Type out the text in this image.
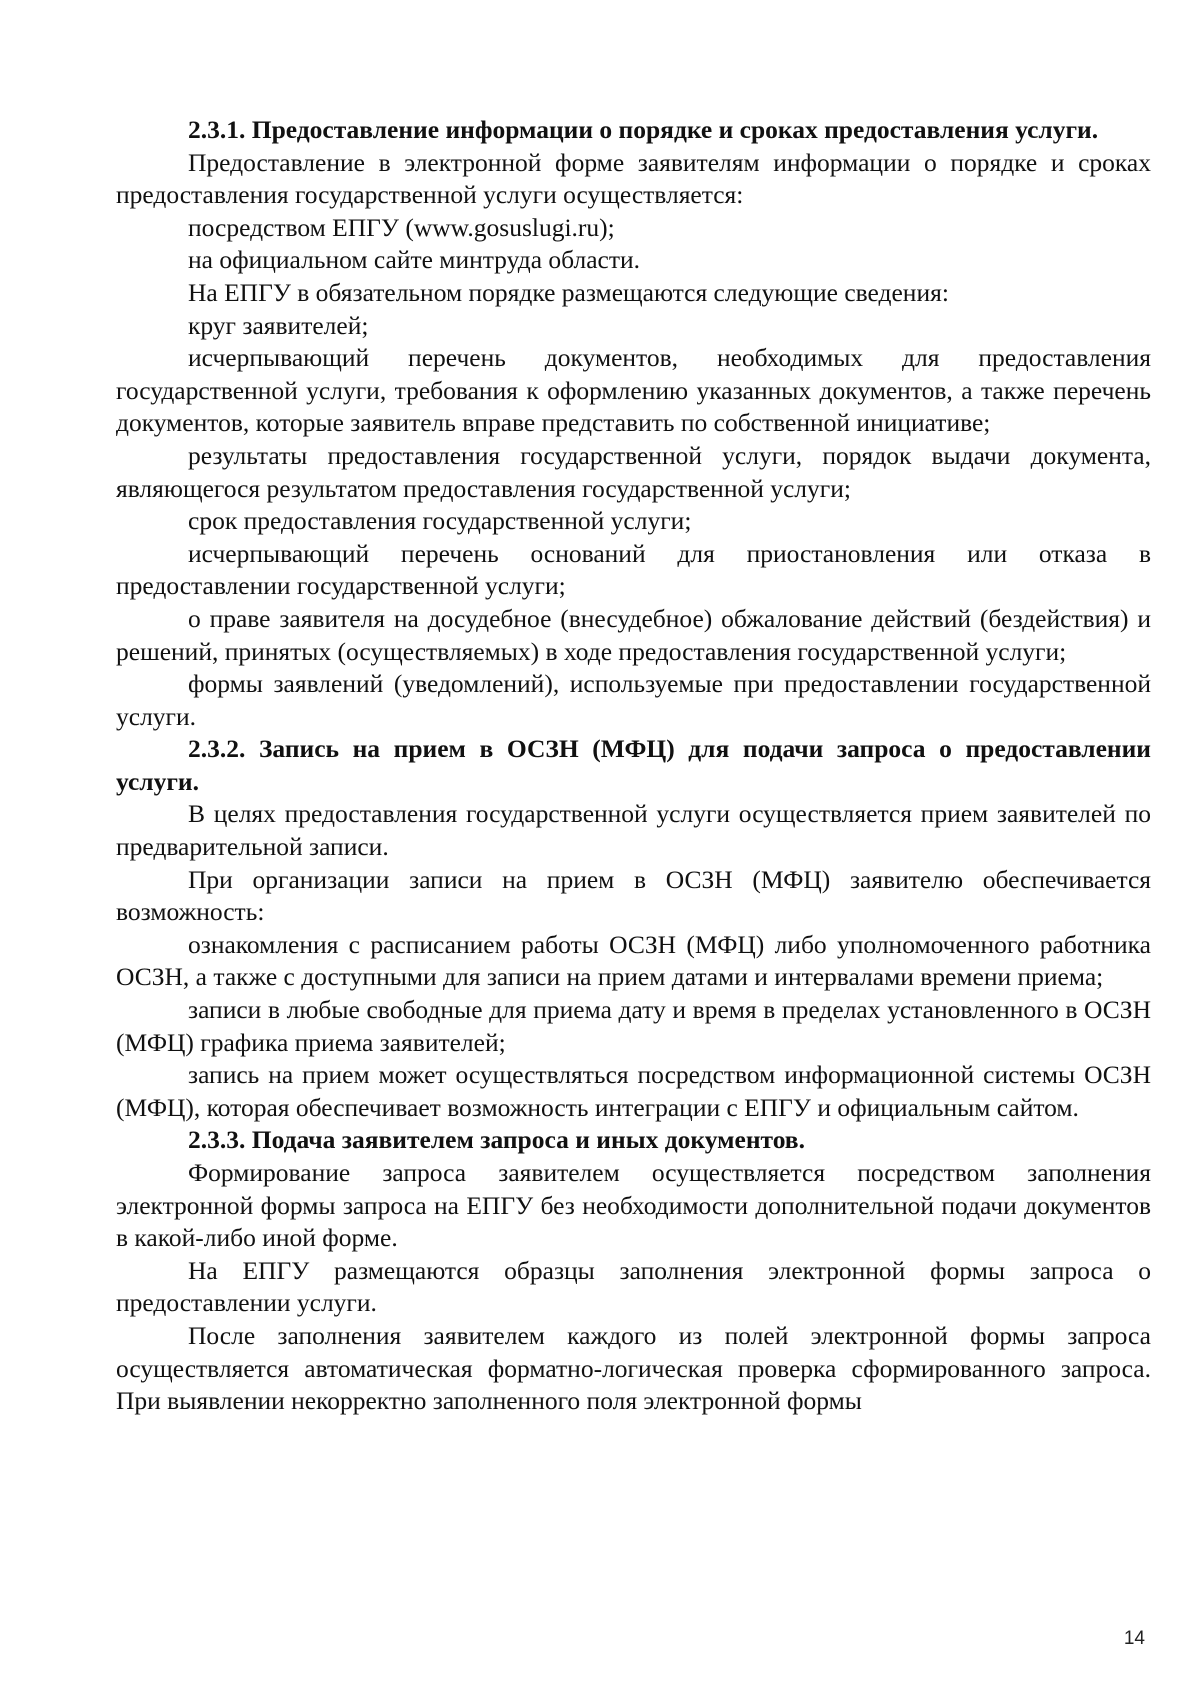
2.3.1. Предоставление информации о порядке и сроках предоставления услуги.

Предоставление в электронной форме заявителям информации о порядке и сроках предоставления государственной услуги осуществляется:

посредством ЕПГУ (www.gosuslugi.ru);

на официальном сайте минтруда области.

На ЕПГУ в обязательном порядке размещаются следующие сведения:

круг заявителей;

исчерпывающий перечень документов, необходимых для предоставления государственной услуги, требования к оформлению указанных документов, а также перечень документов, которые заявитель вправе представить по собственной инициативе;

результаты предоставления государственной услуги, порядок выдачи документа, являющегося результатом предоставления государственной услуги;

срок предоставления государственной услуги;

исчерпывающий перечень оснований для приостановления или отказа в предоставлении государственной услуги;

о праве заявителя на досудебное (внесудебное) обжалование действий (бездействия) и решений, принятых (осуществляемых) в ходе предоставления государственной услуги;

формы заявлений (уведомлений), используемые при предоставлении государственной услуги.

2.3.2. Запись на прием в ОСЗН (МФЦ) для подачи запроса о предоставлении услуги.

В целях предоставления государственной услуги осуществляется прием заявителей по предварительной записи.

При организации записи на прием в ОСЗН (МФЦ) заявителю обеспечивается возможность:

ознакомления с расписанием работы ОСЗН (МФЦ) либо уполномоченного работника ОСЗН, а также с доступными для записи на прием датами и интервалами времени приема;

записи в любые свободные для приема дату и время в пределах установленного в ОСЗН (МФЦ) графика приема заявителей;

запись на прием может осуществляться посредством информационной системы ОСЗН (МФЦ), которая обеспечивает возможность интеграции с ЕПГУ и официальным сайтом.

2.3.3. Подача заявителем запроса и иных документов.

Формирование запроса заявителем осуществляется посредством заполнения электронной формы запроса на ЕПГУ без необходимости дополнительной подачи документов в какой-либо иной форме.

На ЕПГУ размещаются образцы заполнения электронной формы запроса о предоставлении услуги.

После заполнения заявителем каждого из полей электронной формы запроса осуществляется автоматическая форматно-логическая проверка сформированного запроса. При выявлении некорректно заполненного поля электронной формы

14
